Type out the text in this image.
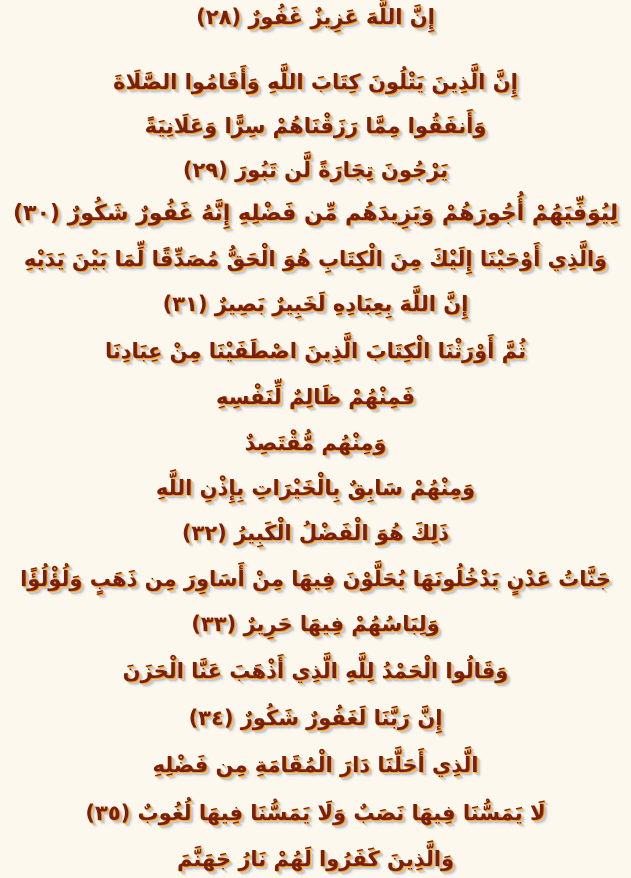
إِنَّ اللَّهَ عَزِيزٌ غَفُورٌ (٢٨)
إِنَّ الَّذِينَ يَتْلُونَ كِتَابَ اللَّهِ وَأَقَامُوا الصَّلَاةَ
وَأَنفَقُوا مِمَّا رَزَقْنَاهُمْ سِرًّا وَعَلَانِيَةً
يَرْجُونَ تِجَارَةً لَّن تَبُورَ (٢٩)
لِيُوَفِّيَهُمْ أُجُورَهُمْ وَيَزِيدَهُم مِّن فَضْلِهِ إِنَّهُ غَفُورٌ شَكُورٌ (٣٠)
وَالَّذِي أَوْحَيْنَا إِلَيْكَ مِنَ الْكِتَابِ هُوَ الْحَقُّ مُصَدِّقًا لِّمَا بَيْنَ يَدَيْهِ
إِنَّ اللَّهَ بِعِبَادِهِ لَخَبِيرٌ بَصِيرٌ (٣١)
ثُمَّ أَوْرَثْنَا الْكِتَابَ الَّذِينَ اصْطَفَيْنَا مِنْ عِبَادِنَا
فَمِنْهُمْ ظَالِمٌ لِّنَفْسِهِ
وَمِنْهُم مُّقْتَصِدٌ
وَمِنْهُمْ سَابِقٌ بِالْخَيْرَاتِ بِإِذْنِ اللَّهِ
ذَلِكَ هُوَ الْفَضْلُ الْكَبِيرُ (٣٢)
جَنَّاتُ عَدْنٍ يَدْخُلُونَهَا يُحَلَّوْنَ فِيهَا مِنْ أَسَاوِرَ مِن ذَهَبٍ وَلُؤْلُؤًا
وَلِبَاسُهُمْ فِيهَا حَرِيرٌ (٣٣)
وَقَالُوا الْحَمْدُ لِلَّهِ الَّذِي أَذْهَبَ عَنَّا الْحَزَنَ
إِنَّ رَبَّنَا لَغَفُورٌ شَكُورٌ (٣٤)
الَّذِي أَحَلَّنَا دَارَ الْمُقَامَةِ مِن فَضْلِهِ
لَا يَمَسُّنَا فِيهَا نَصَبٌ وَلَا يَمَسُّنَا فِيهَا لُغُوبٌ (٣٥)
وَالَّذِينَ كَفَرُوا لَهُمْ نَارُ جَهَنَّمَ
